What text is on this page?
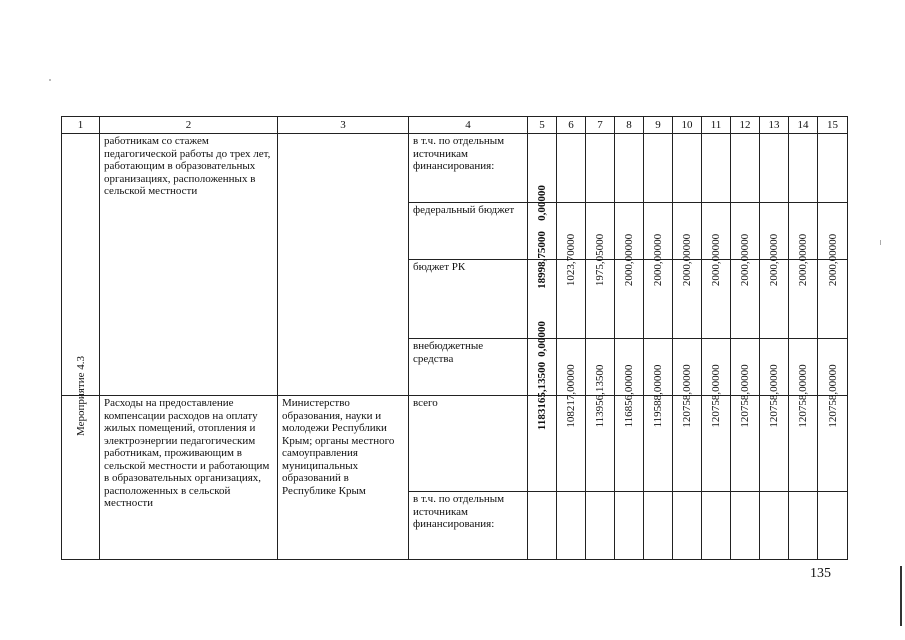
1	2	3	4	5	6	7	8	9	10	11	12	13	14	15

	работникам со стажем педагогической работы до трех лет, работающим в образовательных организациях, расположенных в сельской местности		в т.ч. по отдельным источникам финансирования:											

			федеральный бюджет	0,00000										

			бюджет РК	18998,75000	1023,70000	1975,05000	2000,00000	2000,00000	2000,00000	2000,00000	2000,00000	2000,00000	2000,00000	2000,00000

			внебюджетные средства	0,00000										

Мероприятие 4.3	Расходы на предоставление компенсации расходов на оплату жилых помещений, отопления и электроэнергии педагогическим работникам, проживающим в сельской местности и работающим в образовательных организациях, расположенных в сельской местности	Министерство образования, науки и молодежи Республики Крым; органы местного самоуправления муниципальных образований в Республике Крым	всего	1183165,13500	108217,00000	113956,13500	116856,00000	119588,00000	120758,00000	120758,00000	120758,00000	120758,00000	120758,00000	120758,00000

			в т.ч. по отдельным источникам финансирования:											

135
